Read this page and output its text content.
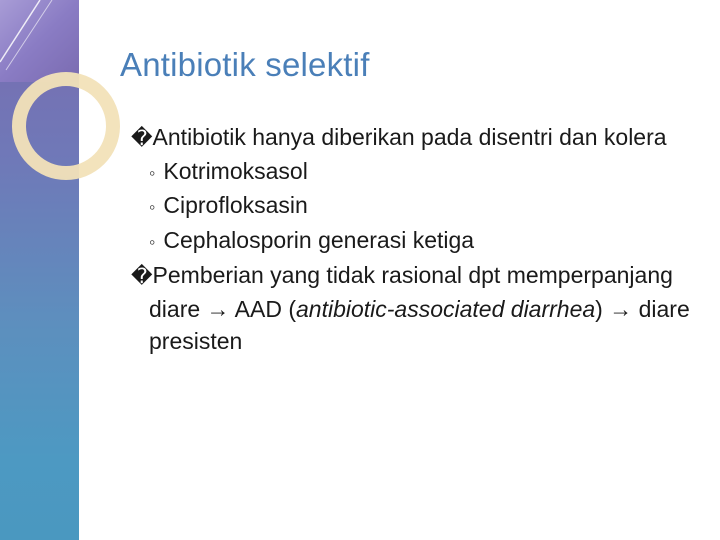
Antibiotik selektif

�Antibiotik hanya diberikan pada disentri dan kolera

◦ Kotrimoksasol

◦ Ciprofloksasin

◦ Cephalosporin generasi ketiga

�Pemberian yang tidak rasional dpt memperpanjang diare → AAD (antibiotic-associated diarrhea) → diare presisten
